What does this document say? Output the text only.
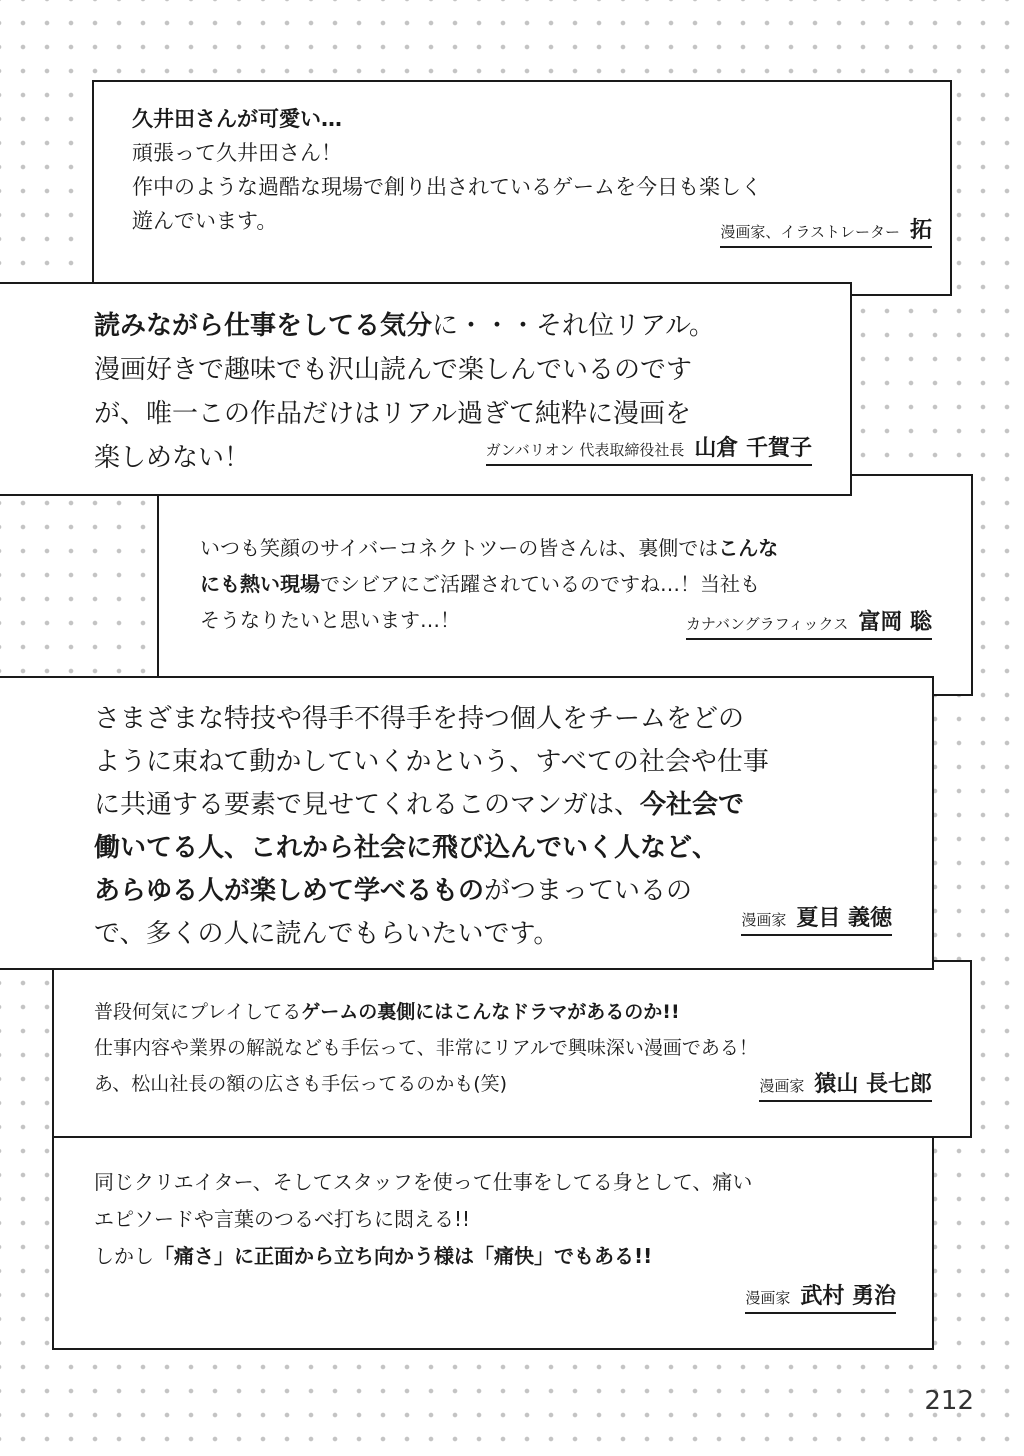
久井田さんが可愛い…
頑張って久井田さん！
作中のような過酷な現場で創り出されているゲームを今日も楽しく
遊んでいます。	漫画家、イラストレーター 拓
いつも笑顔のサイバーコネクトツーの皆さんは、裏側ではこんな
にも熱い現場でシビアにご活躍されているのですね…！当社も
そうなりたいと思います…！	カナバングラフィックス 富岡 聡
読みながら仕事をしてる気分に・・・それ位リアル。
漫画好きで趣味でも沢山読んで楽しんでいるのです
が、唯一この作品だけはリアル過ぎて純粋に漫画を
楽しめない！	ガンバリオン 代表取締役社長 山倉 千賀子
普段何気にプレイしてるゲームの裏側にはこんなドラマがあるのか!!
仕事内容や業界の解説なども手伝って、非常にリアルで興味深い漫画である！
あ、松山社長の額の広さも手伝ってるのかも(笑)	漫画家 猿山 長七郎
さまざまな特技や得手不得手を持つ個人をチームをどの
ように束ねて動かしていくかという、すべての社会や仕事
に共通する要素で見せてくれるこのマンガは、今社会で
働いてる人、これから社会に飛び込んでいく人など、
あらゆる人が楽しめて学べるものがつまっているの
で、多くの人に読んでもらいたいです。	漫画家 夏目 義徳
同じクリエイター、そしてスタッフを使って仕事をしてる身として、痛い
エピソードや言葉のつるべ打ちに悶える!!
しかし「痛さ」に正面から立ち向かう様は「痛快」でもある!!
漫画家 武村 勇治
212
